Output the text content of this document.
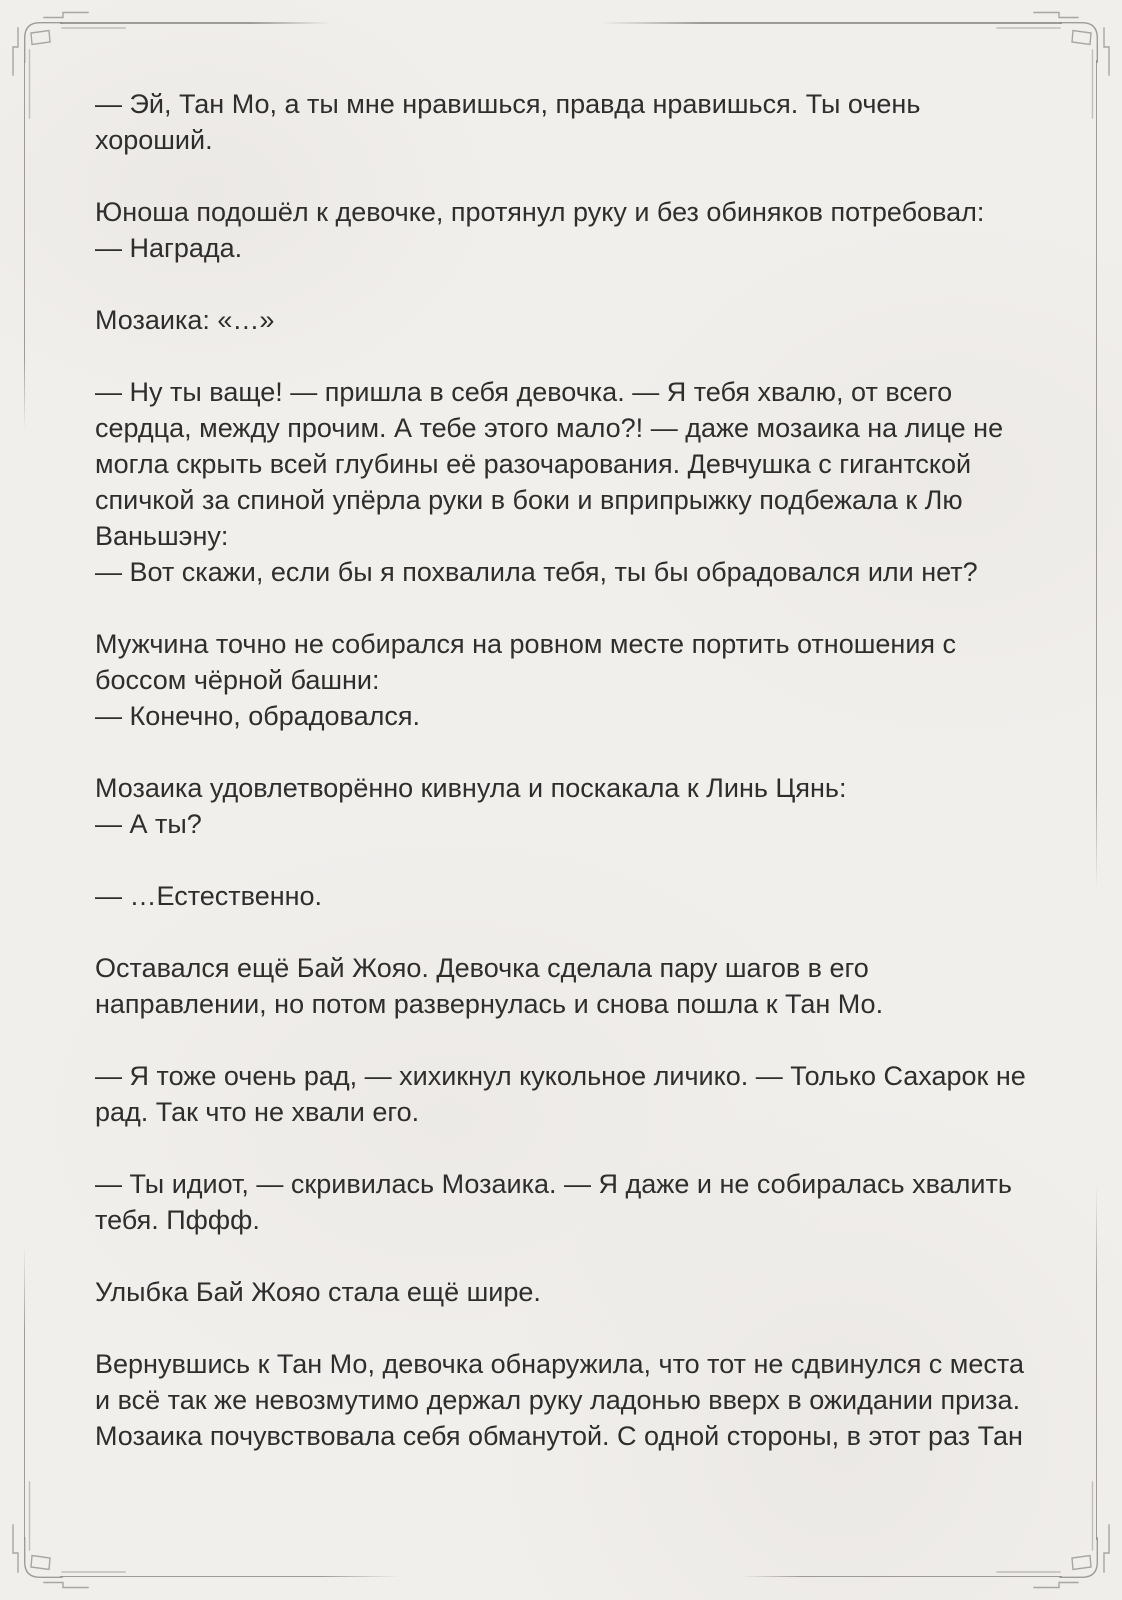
— Эй, Тан Мо, а ты мне нравишься, правда нравишься. Ты очень хороший.

Юноша подошёл к девочке, протянул руку и без обиняков потребовал:
— Награда.

Мозаика: «…»

— Ну ты ваще! — пришла в себя девочка. — Я тебя хвалю, от всего сердца, между прочим. А тебе этого мало?! — даже мозаика на лице не могла скрыть всей глубины её разочарования. Девчушка с гигантской спичкой за спиной упёрла руки в боки и вприпрыжку подбежала к Лю Ваньшэну:
— Вот скажи, если бы я похвалила тебя, ты бы обрадовался или нет?

Мужчина точно не собирался на ровном месте портить отношения с боссом чёрной башни:
— Конечно, обрадовался.

Мозаика удовлетворённо кивнула и поскакала к Линь Цянь:
— А ты?

— …Естественно.

Оставался ещё Бай Жояо. Девочка сделала пару шагов в его направлении, но потом развернулась и снова пошла к Тан Мо.

— Я тоже очень рад, — хихикнул кукольное личико. — Только Сахарок не рад. Так что не хвали его.

— Ты идиот, — скривилась Мозаика. — Я даже и не собиралась хвалить тебя. Пффф.

Улыбка Бай Жояо стала ещё шире.

Вернувшись к Тан Мо, девочка обнаружила, что тот не сдвинулся с места и всё так же невозмутимо держал руку ладонью вверх в ожидании приза. Мозаика почувствовала себя обманутой. С одной стороны, в этот раз Тан
